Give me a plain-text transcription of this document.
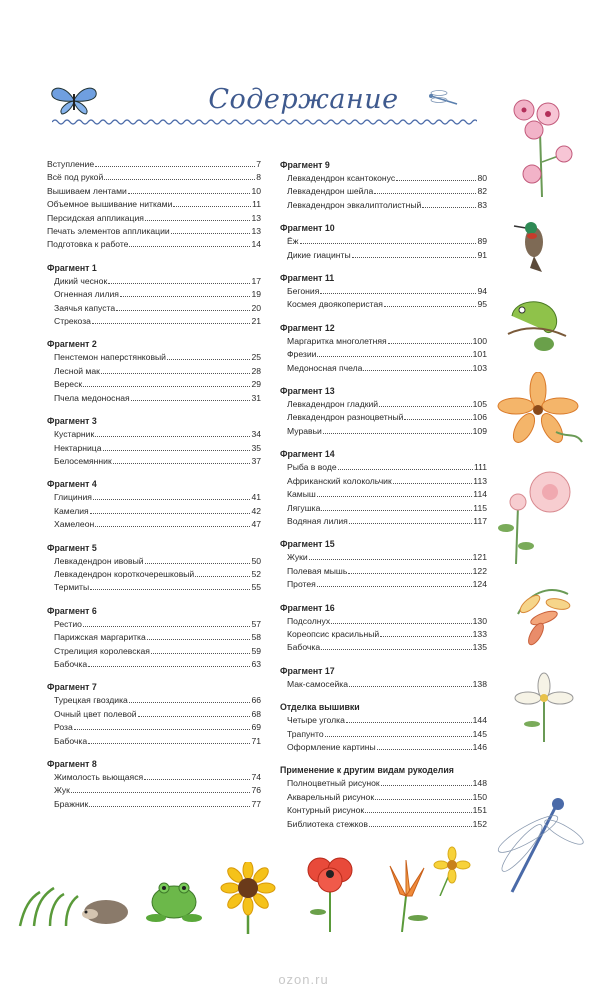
Содержание
Вступление	7
Всё под рукой	8
Вышиваем лентами	10
Объемное вышивание нитками	11
Персидская аппликация	13
Печать элементов аппликации	13
Подготовка к работе	14
Фрагмент 1
Дикий чеснок	17
Огненная лилия	19
Заячья капуста	20
Стрекоза	21
Фрагмент 2
Пенстемон наперстянковый	25
Лесной мак	28
Вереск	29
Пчела медоносная	31
Фрагмент 3
Кустарник	34
Нектарница	35
Белосемянник	37
Фрагмент 4
Глициния	41
Камелия	42
Хамелеон	47
Фрагмент 5
Левкадендрон ивовый	50
Левкадендрон короткочерешковый	52
Термиты	55
Фрагмент 6
Рестио	57
Парижская маргаритка	58
Стрелиция королевская	59
Бабочка	63
Фрагмент 7
Турецкая гвоздика	66
Очный цвет полевой	68
Роза	69
Бабочка	71
Фрагмент 8
Жимолость вьющаяся	74
Жук	76
Бражник	77
Фрагмент 9
Левкадендрон ксантоконус	80
Левкадендрон шейла	82
Левкадендрон эвкалиптолистный	83
Фрагмент 10
Ёж	89
Дикие гиацинты	91
Фрагмент 11
Бегония	94
Космея двоякоперистая	95
Фрагмент 12
Маргаритка многолетняя	100
Фрезии	101
Медоносная пчела	103
Фрагмент 13
Левкадендрон гладкий	105
Левкадендрон разноцветный	106
Муравьи	109
Фрагмент 14
Рыба в воде	111
Африканский колокольчик	113
Камыш	114
Лягушка	115
Водяная лилия	117
Фрагмент 15
Жуки	121
Полевая мышь	122
Протея	124
Фрагмент 16
Подсолнух	130
Кореопсис красильный	133
Бабочка	135
Фрагмент 17
Мак-самосейка	138
Отделка вышивки
Четыре уголка	144
Трапунто	145
Оформление картины	146
Применение к другим видам рукоделия
Полноцветный рисунок	148
Акварельный рисунок	150
Контурный рисунок	151
Библиотека стежков	152
ozon.ru
